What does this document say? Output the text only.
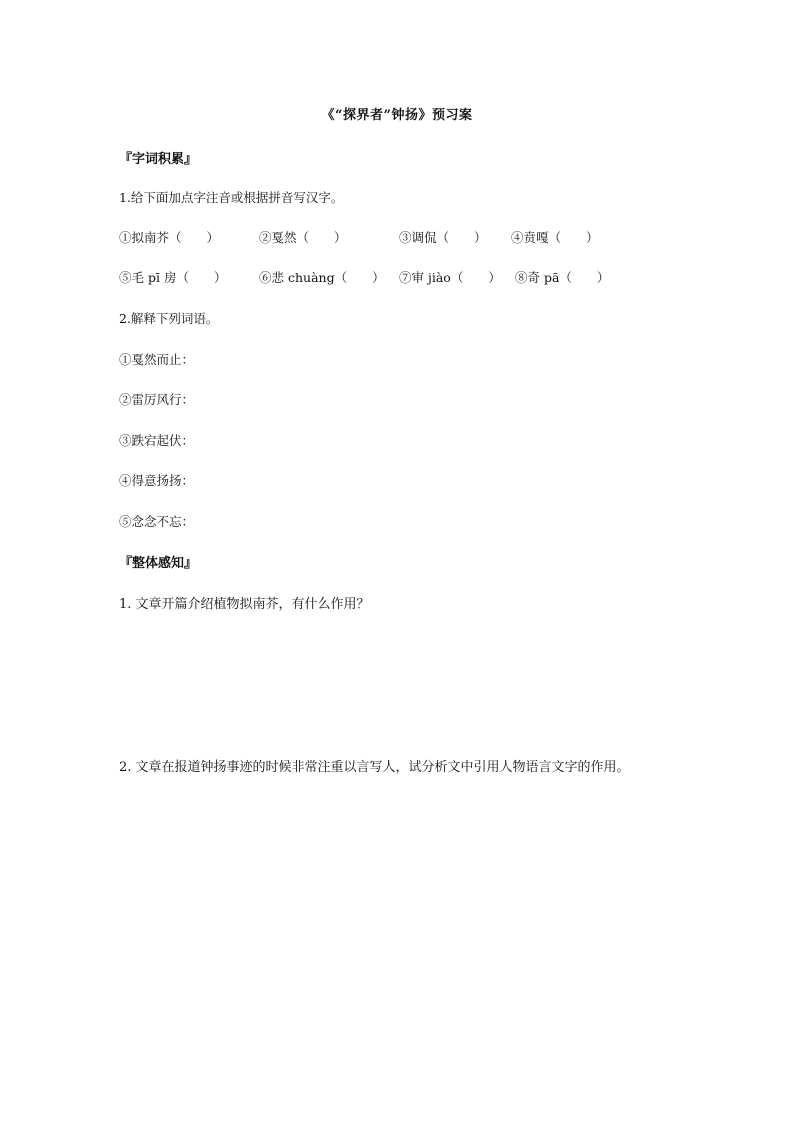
《“探界者”钟扬》预习案
『字词积累』
1.给下面加点字注音或根据拼音写汉字。
①拟南芥（　　）	②戛然（　　）	③调侃（　　） ④贲嘎（　　）
⑤毛 pī 房（　　）	⑥悲 chuàng（　　） ⑦审 jiào（　　） ⑧奇 pā（　　）
2.解释下列词语。
①戛然而止：
②雷厉风行：
③跌宕起伏：
④得意扬扬：
⑤念念不忘：
『整体感知』
1. 文章开篇介绍植物拟南芥，有什么作用？
2. 文章在报道钟扬事迹的时候非常注重以言写人，试分析文中引用人物语言文字的作用。
